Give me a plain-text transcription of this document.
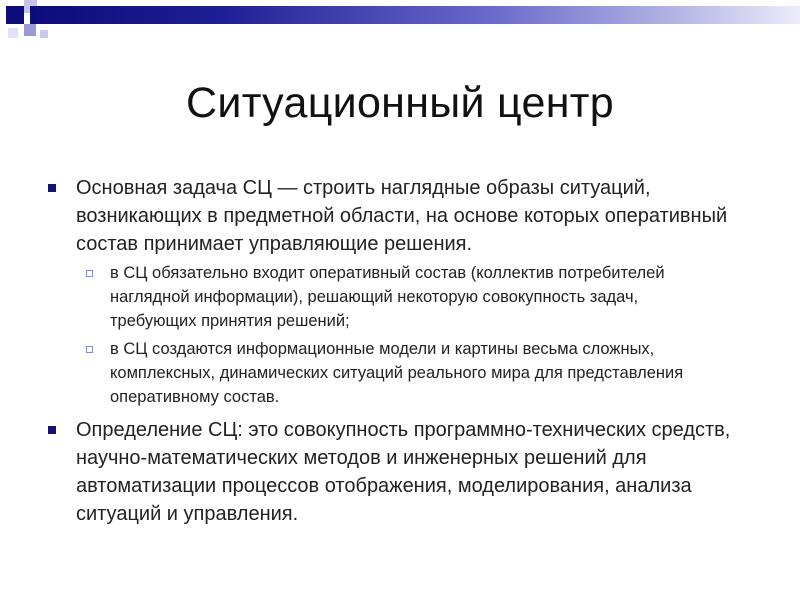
Ситуационный центр
Основная задача СЦ — строить наглядные образы ситуаций, возникающих в предметной области, на основе которых оперативный состав принимает управляющие решения.
в СЦ обязательно входит оперативный состав (коллектив потребителей наглядной информации), решающий некоторую совокупность задач, требующих принятия решений;
в СЦ создаются информационные модели и картины весьма сложных, комплексных, динамических ситуаций реального мира для представления оперативному состав.
Определение СЦ: это совокупность программно-технических средств, научно-математических методов и инженерных решений для автоматизации процессов отображения, моделирования, анализа ситуаций и управления.
